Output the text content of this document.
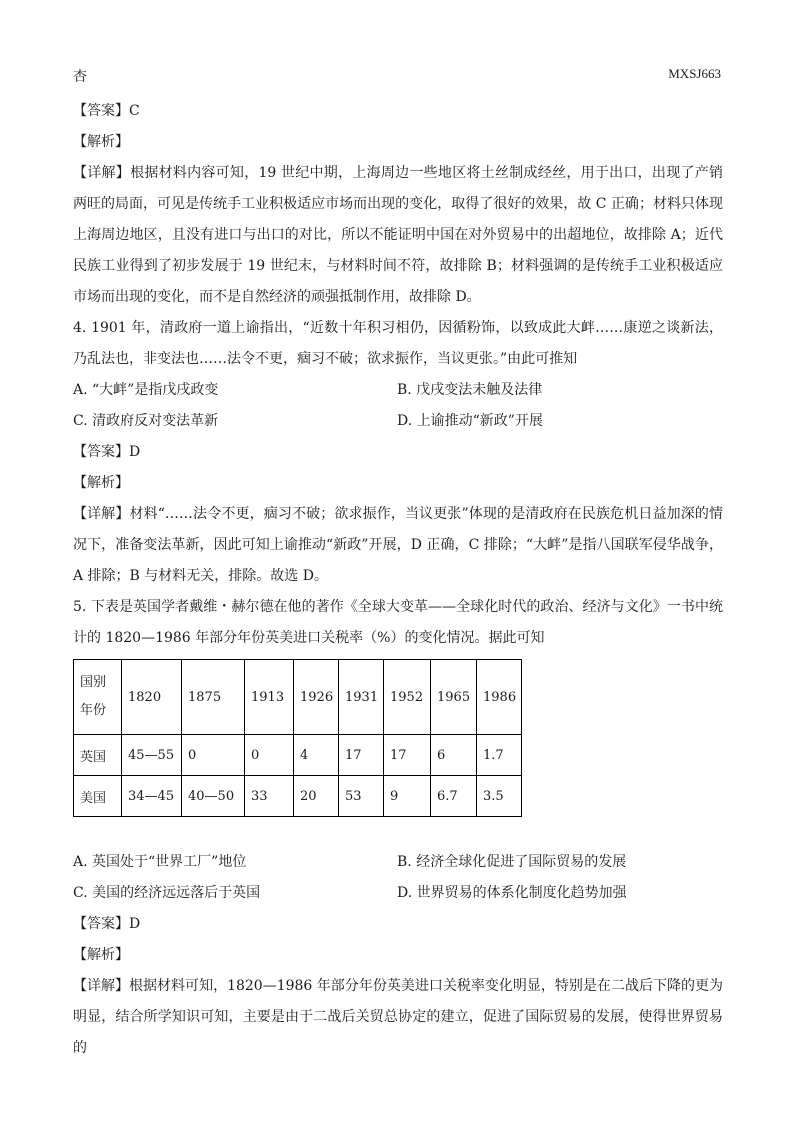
杏	MXSJ663
【答案】C
【解析】
【详解】根据材料内容可知，19 世纪中期，上海周边一些地区将土丝制成经丝，用于出口，出现了产销两旺的局面，可见是传统手工业积极适应市场而出现的变化，取得了很好的效果，故 C 正确；材料只体现上海周边地区，且没有进口与出口的对比，所以不能证明中国在对外贸易中的出超地位，故排除 A；近代民族工业得到了初步发展于 19 世纪末，与材料时间不符，故排除 B；材料强调的是传统手工业积极适应市场而出现的变化，而不是自然经济的顽强抵制作用，故排除 D。
4. 1901 年，清政府一道上谕指出，“近数十年积习相仍，因循粉饰，以致成此大衅……康逆之谈新法，乃乱法也，非变法也……法令不更，痼习不破；欲求振作，当议更张。”由此可推知
A. “大衅”是指戊戌政变	B. 戊戌变法未触及法律
C. 清政府反对变法革新	D. 上谕推动“新政”开展
【答案】D
【解析】
【详解】材料“……法令不更，痼习不破；欲求振作，当议更张”体现的是清政府在民族危机日益加深的情况下，准备变法革新，因此可知上谕推动“新政”开展，D 正确，C 排除；“大衅”是指八国联军侵华战争，A 排除；B 与材料无关，排除。故选 D。
5. 下表是英国学者戴维・赫尔德在他的著作《全球大变革——全球化时代的政治、经济与文化》一书中统计的 1820—1986 年部分年份英美进口关税率（%）的变化情况。据此可知
国别
年份	1820	1875	1913	1926	1931	1952	1965	1986
英国	45—55	0	0	4	17	17	6	1.7
美国	34—45	40—50	33	20	53	9	6.7	3.5
A. 英国处于“世界工厂”地位	B. 经济全球化促进了国际贸易的发展
C. 美国的经济远远落后于英国	D. 世界贸易的体系化制度化趋势加强
【答案】D
【解析】
【详解】根据材料可知，1820—1986 年部分年份英美进口关税率变化明显，特别是在二战后下降的更为明显，结合所学知识可知，主要是由于二战后关贸总协定的建立，促进了国际贸易的发展，使得世界贸易的
